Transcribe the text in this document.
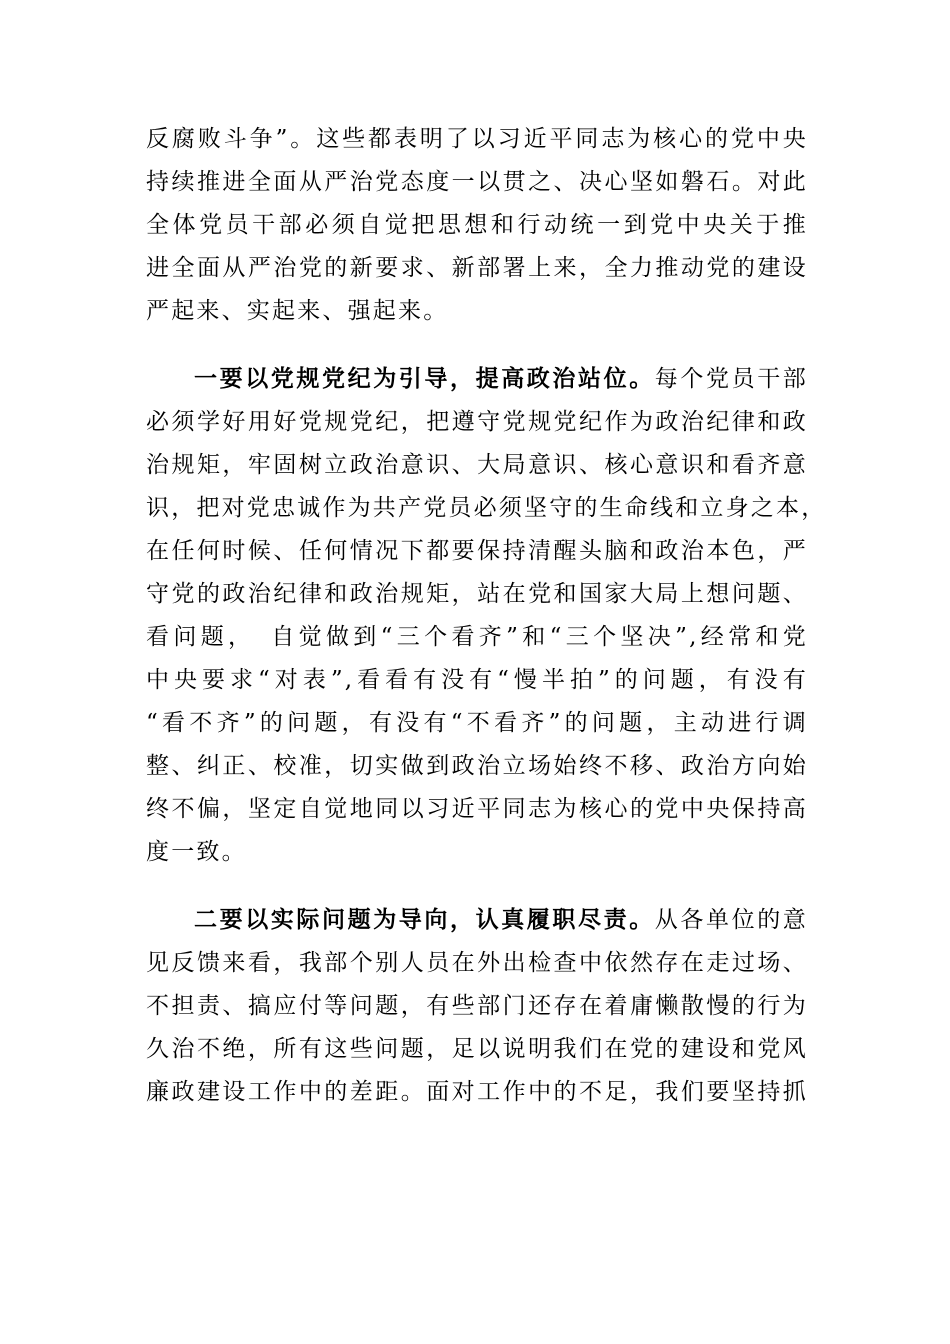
反腐败斗争”。这些都表明了以习近平同志为核心的党中央
持续推进全面从严治党态度一以贯之、决心坚如磐石。对此
全体党员干部必须自觉把思想和行动统一到党中央关于推
进全面从严治党的新要求、新部署上来，全力推动党的建设
严起来、实起来、强起来。

一要以党规党纪为引导，提高政治站位。每个党员干部
必须学好用好党规党纪，把遵守党规党纪作为政治纪律和政
治规矩，牢固树立政治意识、大局意识、核心意识和看齐意
识，把对党忠诚作为共产党员必须坚守的生命线和立身之本，
在任何时候、任何情况下都要保持清醒头脑和政治本色，严
守党的政治纪律和政治规矩，站在党和国家大局上想问题、
看问题，　自觉做到“三个看齐”和“三个坚决”,经常和党
中央要求“对表”,看看有没有“慢半拍”的问题，有没有
“看不齐”的问题，有没有“不看齐”的问题，主动进行调
整、纠正、校准，切实做到政治立场始终不移、政治方向始
终不偏，坚定自觉地同以习近平同志为核心的党中央保持高
度一致。

二要以实际问题为导向，认真履职尽责。从各单位的意
见反馈来看，我部个别人员在外出检查中依然存在走过场、
不担责、搞应付等问题，有些部门还存在着庸懒散慢的行为
久治不绝，所有这些问题，足以说明我们在党的建设和党风
廉政建设工作中的差距。面对工作中的不足，我们要坚持抓
